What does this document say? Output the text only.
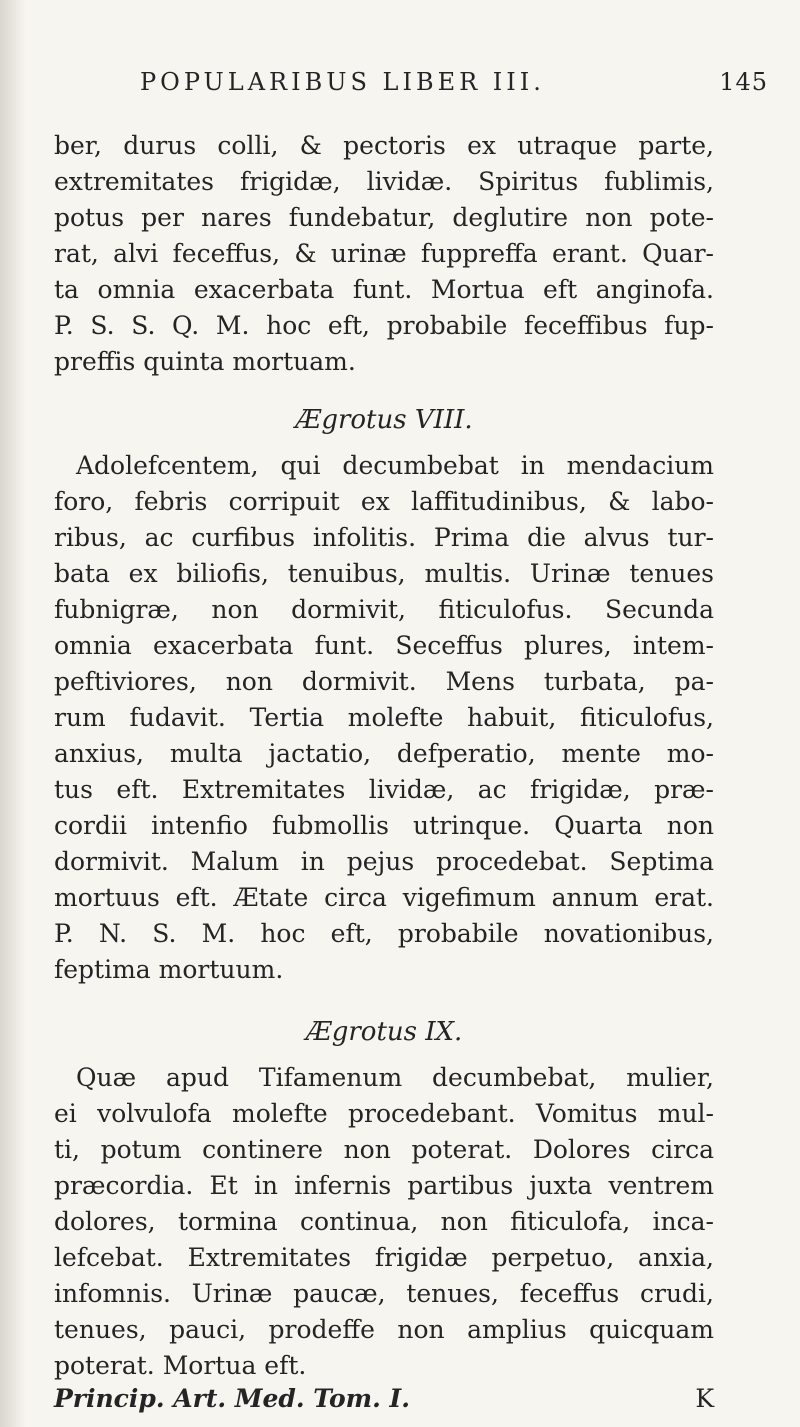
POPULARIBUS LIBER III.	145
ber, durus colli, & pectoris ex utraque parte,
extremitates frigidæ, lividæ. Spiritus fublimis,
potus per nares fundebatur, deglutire non pote-
rat, alvi feceffus, & urinæ fuppreffa erant. Quar-
ta omnia exacerbata funt. Mortua eft anginofa.
P. S. S. Q. M. hoc eft, probabile feceffibus fup-
preffis quinta mortuam.
Ægrotus VIII.
Adolefcentem, qui decumbebat in mendacium
foro, febris corripuit ex laffitudinibus, & labo-
ribus, ac curfibus infolitis. Prima die alvus tur-
bata ex biliofis, tenuibus, multis. Urinæ tenues
fubnigræ, non dormivit, fiticulofus. Secunda
omnia exacerbata funt. Seceffus plures, intem-
peftiviores, non dormivit. Mens turbata, pa-
rum fudavit. Tertia molefte habuit, fiticulofus,
anxius, multa jactatio, defperatio, mente mo-
tus eft. Extremitates lividæ, ac frigidæ, præ-
cordii intenfio fubmollis utrinque. Quarta non
dormivit. Malum in pejus procedebat. Septima
mortuus eft. Ætate circa vigefimum annum erat.
P. N. S. M. hoc eft, probabile novationibus,
feptima mortuum.
Ægrotus IX.
Quæ apud Tifamenum decumbebat, mulier,
ei volvulofa molefte procedebant. Vomitus mul-
ti, potum continere non poterat. Dolores circa
præcordia. Et in infernis partibus juxta ventrem
dolores, tormina continua, non fiticulofa, inca-
lefcebat. Extremitates frigidæ perpetuo, anxia,
infomnis. Urinæ paucæ, tenues, feceffus crudi,
tenues, pauci, prodeffe non amplius quicquam
poterat. Mortua eft.
Princip. Art. Med. Tom. I.	K
